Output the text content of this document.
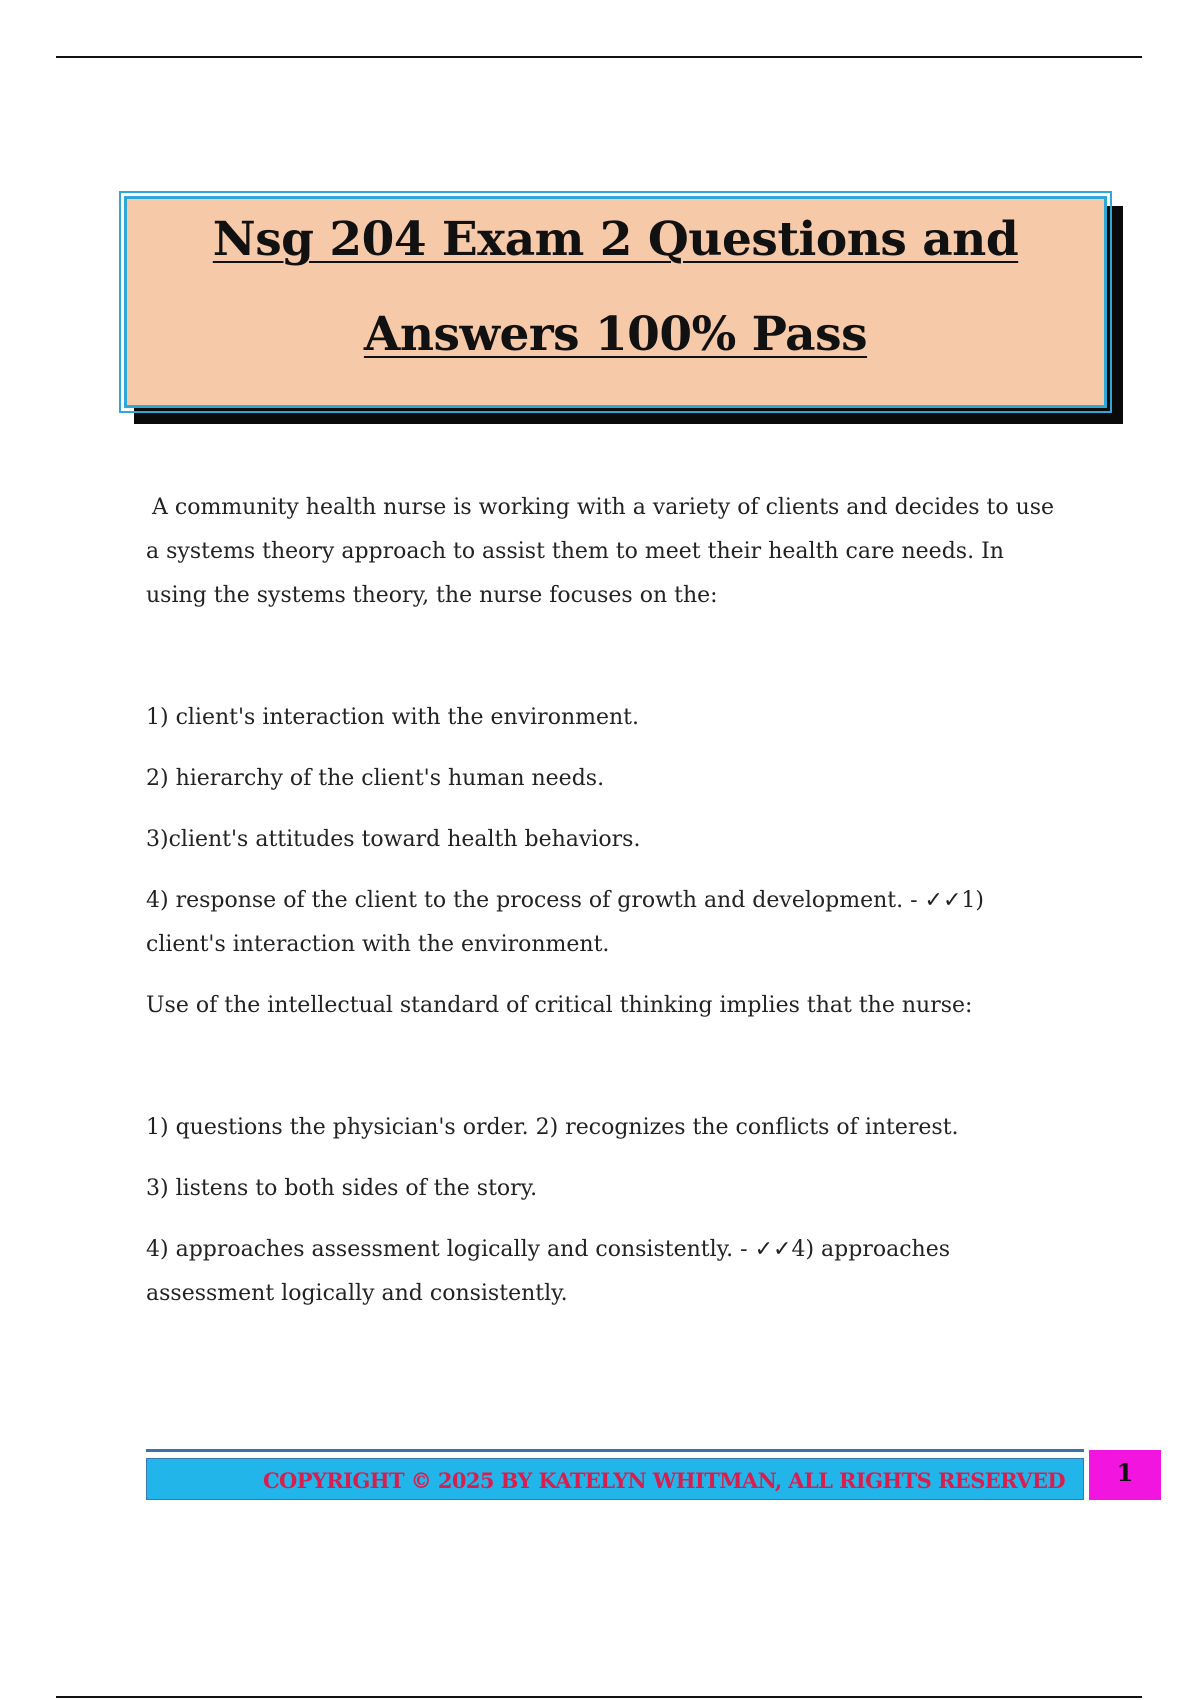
Nsg 204 Exam 2 Questions and
Answers 100% Pass

A community health nurse is working with a variety of clients and decides to use a systems theory approach to assist them to meet their health care needs. In using the systems theory, the nurse focuses on the:

1) client's interaction with the environment.

2) hierarchy of the client's human needs.

3)client's attitudes toward health behaviors.

4) response of the client to the process of growth and development. - ✓✓1) client's interaction with the environment.

Use of the intellectual standard of critical thinking implies that the nurse:

1) questions the physician's order. 2) recognizes the conflicts of interest.

3) listens to both sides of the story.

4) approaches assessment logically and consistently. - ✓✓4) approaches assessment logically and consistently.

COPYRIGHT © 2025 BY KATELYN WHITMAN, ALL RIGHTS RESERVED	1
